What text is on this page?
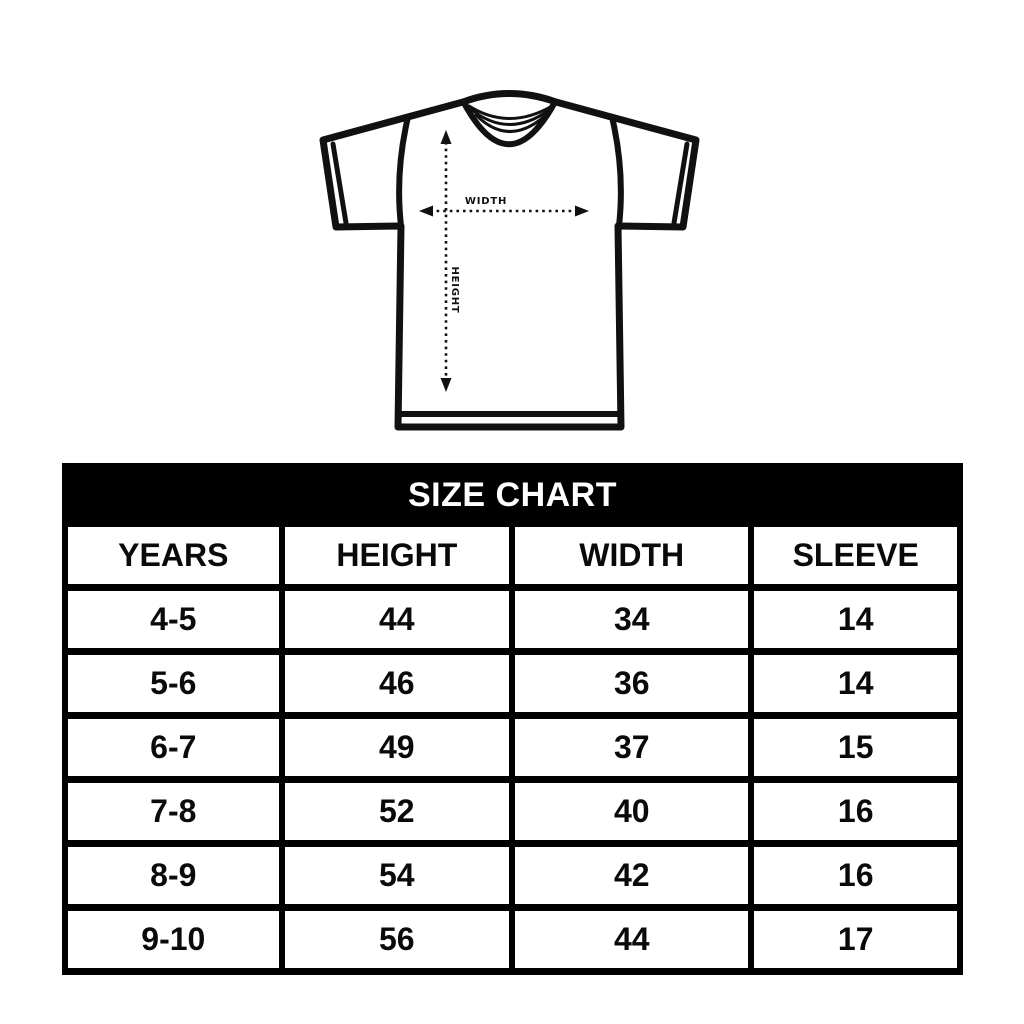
WIDTH
HEIGHT
SIZE CHART			
YEARS	HEIGHT	WIDTH	SLEEVE
4-5	44	34	14
5-6	46	36	14
6-7	49	37	15
7-8	52	40	16
8-9	54	42	16
9-10	56	44	17
